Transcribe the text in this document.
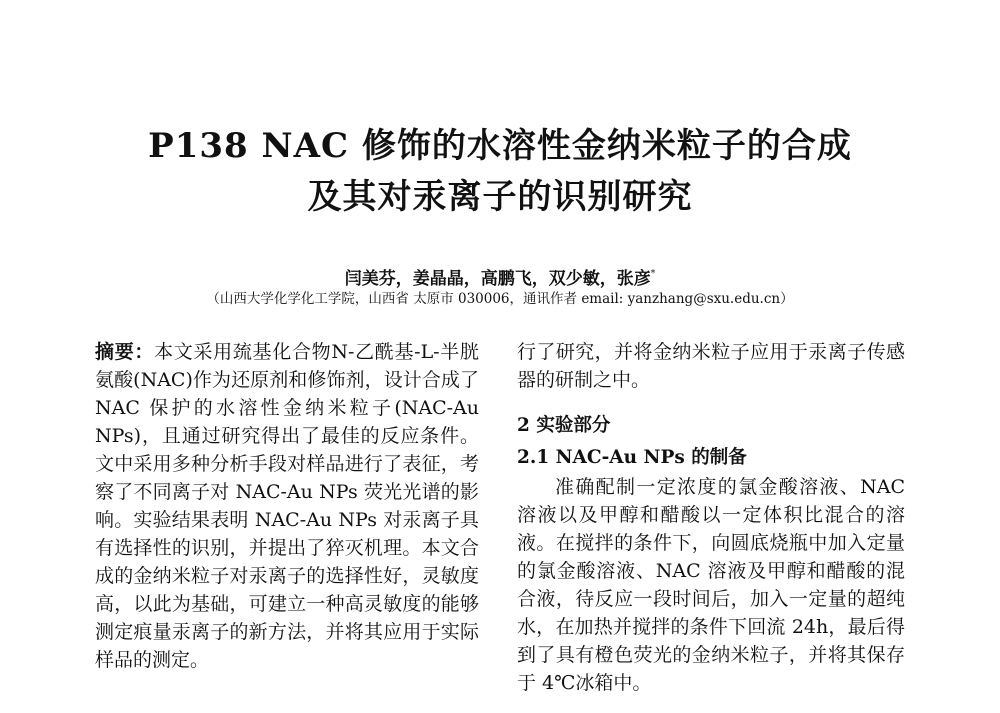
P138 NAC 修饰的水溶性金纳米粒子的合成
及其对汞离子的识别研究
闫美芬，姜晶晶，高鹏飞，双少敏，张彦*
（山西大学化学化工学院，山西省 太原市 030006，通讯作者 email: yanzhang@sxu.edu.cn）

摘要：本文采用巯基化合物N-乙酰基-L-半胱氨酸(NAC)作为还原剂和修饰剂，设计合成了 NAC 保护的水溶性金纳米粒子(NAC-Au NPs)，且通过研究得出了最佳的反应条件。文中采用多种分析手段对样品进行了表征，考察了不同离子对 NAC-Au NPs 荧光光谱的影响。实验结果表明 NAC-Au NPs 对汞离子具有选择性的识别，并提出了猝灭机理。本文合成的金纳米粒子对汞离子的选择性好，灵敏度高，以此为基础，可建立一种高灵敏度的能够测定痕量汞离子的新方法，并将其应用于实际样品的测定。

行了研究，并将金纳米粒子应用于汞离子传感器的研制之中。

2 实验部分
2.1 NAC-Au NPs 的制备

准确配制一定浓度的氯金酸溶液、NAC 溶液以及甲醇和醋酸以一定体积比混合的溶液。在搅拌的条件下，向圆底烧瓶中加入定量的氯金酸溶液、NAC 溶液及甲醇和醋酸的混合液，待反应一段时间后，加入一定量的超纯水，在加热并搅拌的条件下回流 24h，最后得到了具有橙色荧光的金纳米粒子，并将其保存于 4℃冰箱中。
